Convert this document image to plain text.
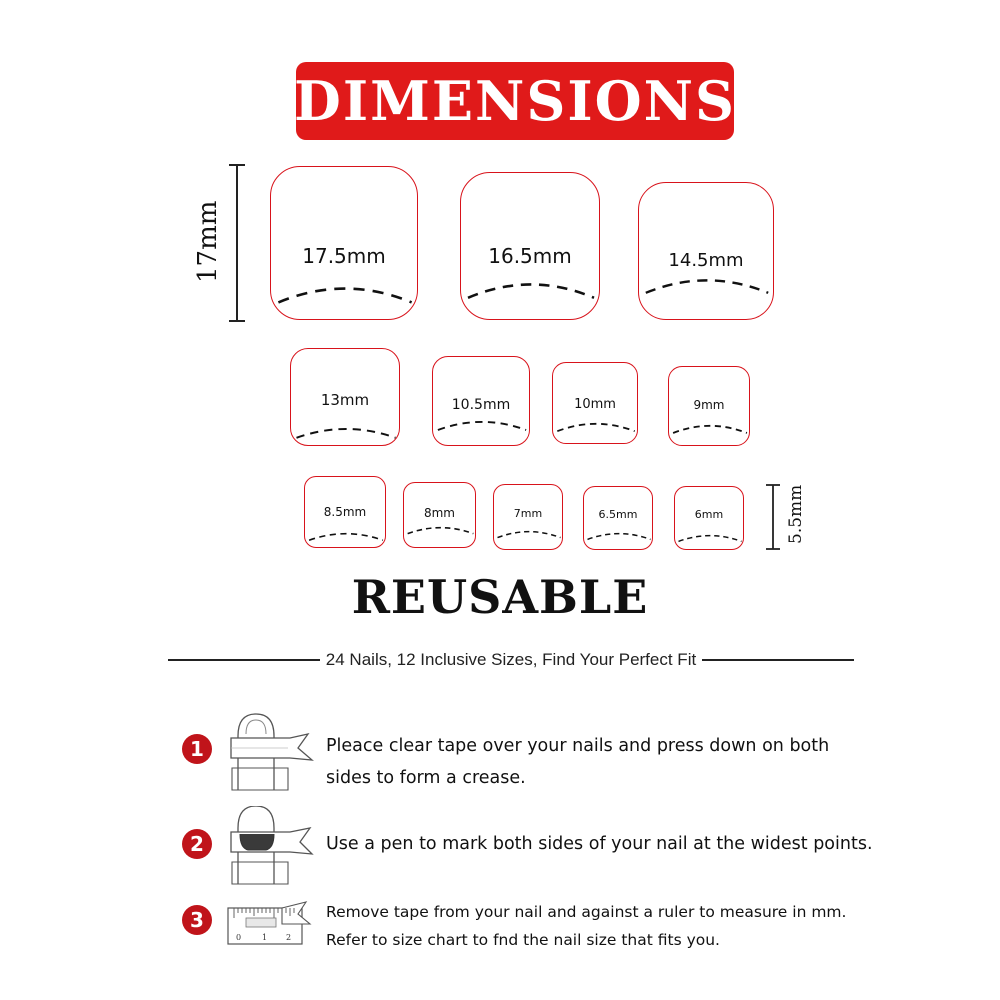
DIMENSIONS
17.5mm	16.5mm	14.5mm
13mm	10.5mm	10mm	9mm
8.5mm	8mm	7mm	6.5mm	6mm
17mm
5.5mm
REUSABLE
24 Nails, 12 Inclusive Sizes, Find Your Perfect Fit
1	Pleace clear tape over your nails and press down on both

sides to form a crease.

2	Use a pen to mark both sides of your nail at the widest points.

3
0	1 2

Remove tape from your nail and against a ruler to measure in mm.

Refer to size chart to fnd the nail size that fits you.
